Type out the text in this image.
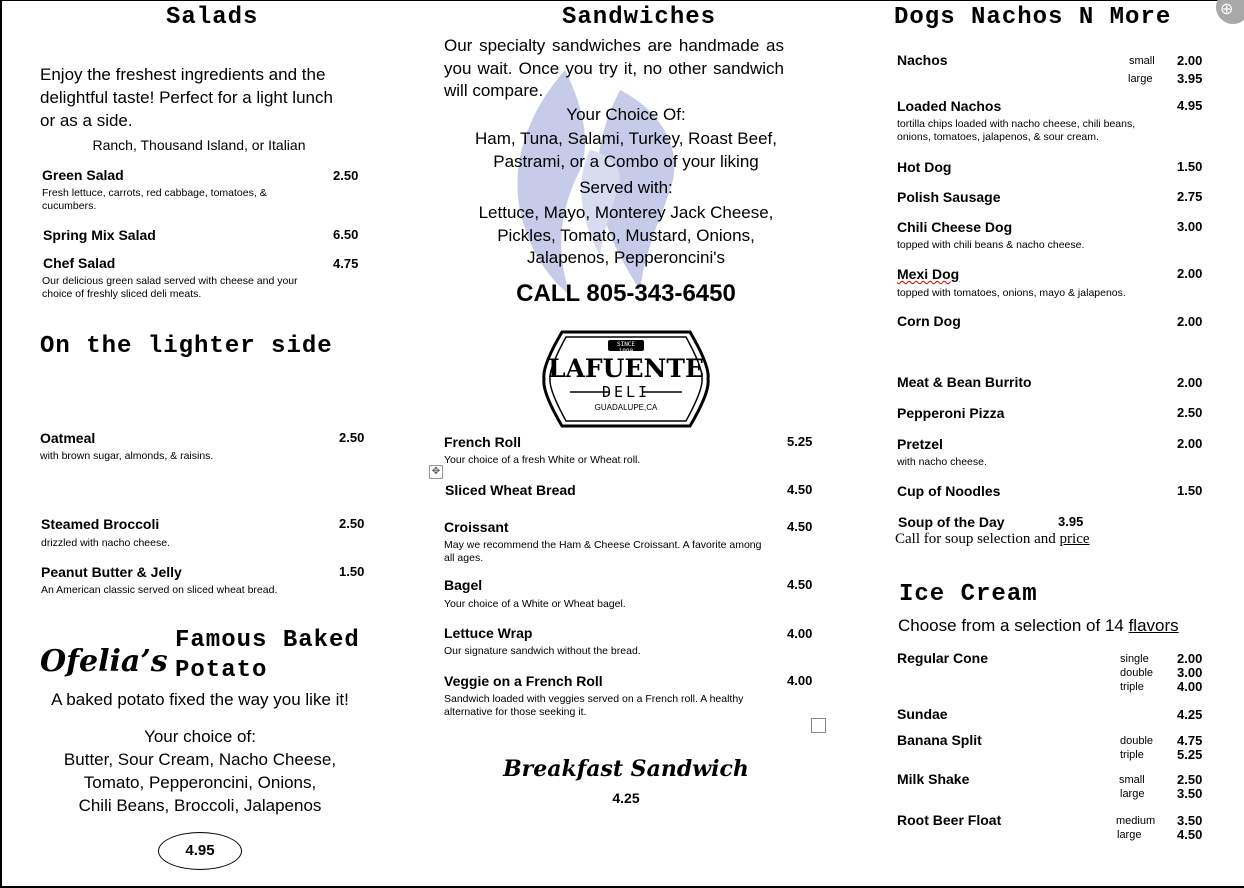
⊕
Salads
Enjoy the freshest ingredients and the delightful taste! Perfect for a light lunch or as a side.
Ranch, Thousand Island, or Italian
Green Salad	2.50
Fresh lettuce, carrots, red cabbage, tomatoes, & cucumbers.
Spring Mix Salad	6.50
Chef Salad	4.75
Our delicious green salad served with cheese and your choice of freshly sliced deli meats.
On the lighter side
Oatmeal	2.50
with brown sugar, almonds, & raisins.
Steamed Broccoli	2.50
drizzled with nacho cheese.
Peanut Butter & Jelly	1.50
An American classic served on sliced wheat bread.
Ofelia’s
Famous Baked
Potato
A baked potato fixed the way you like it!
Your choice of:
Butter, Sour Cream, Nacho Cheese,
Tomato, Pepperoncini, Onions,
Chili Beans, Broccoli, Jalapenos
4.95
Sandwiches
Our specialty sandwiches are handmade as you wait. Once you try it, no other sandwich will compare.
Your Choice Of:
Ham, Tuna, Salami, Turkey, Roast Beef,
Pastrami, or a Combo of your liking
Served with:
Lettuce, Mayo, Monterey Jack Cheese,
Pickles, Tomato, Mustard, Onions,
Jalapenos, Pepperoncini's
CALL 805-343-6450
SINCE 1990
LAFUENTE
DELI
GUADALUPE,CA
✥
French Roll	5.25
Your choice of a fresh White or Wheat roll.
Sliced Wheat Bread	4.50
Croissant	4.50
May we recommend the Ham & Cheese Croissant. A favorite among all ages.
Bagel	4.50
Your choice of a White or Wheat bagel.
Lettuce Wrap	4.00
Our signature sandwich without the bread.
Veggie on a French Roll	4.00
Sandwich loaded with veggies served on a French roll. A healthy alternative for those seeking it.
Breakfast Sandwich
4.25
Dogs Nachos N More
Nachos	small 2.00
large 3.95
Loaded Nachos	4.95
tortilla chips loaded with nacho cheese, chili beans, onions, tomatoes, jalapenos, & sour cream.
Hot Dog	1.50
Polish Sausage	2.75
Chili Cheese Dog	3.00
topped with chili beans & nacho cheese.
Mexi Dog	2.00
topped with tomatoes, onions, mayo & jalapenos.
Corn Dog	2.00
Meat & Bean Burrito	2.00
Pepperoni Pizza	2.50
Pretzel	2.00
with nacho cheese.
Cup of Noodles	1.50
Soup of the Day	3.95
Call for soup selection and price
Ice Cream
Choose from a selection of 14 flavors
Regular Cone	single 2.00
double 3.00
triple	4.00
Sundae	4.25
Banana Split	double 4.75
triple	5.25
Milk Shake	small 2.50
large	3.50
Root Beer Float	medium 3.50
large	4.50
